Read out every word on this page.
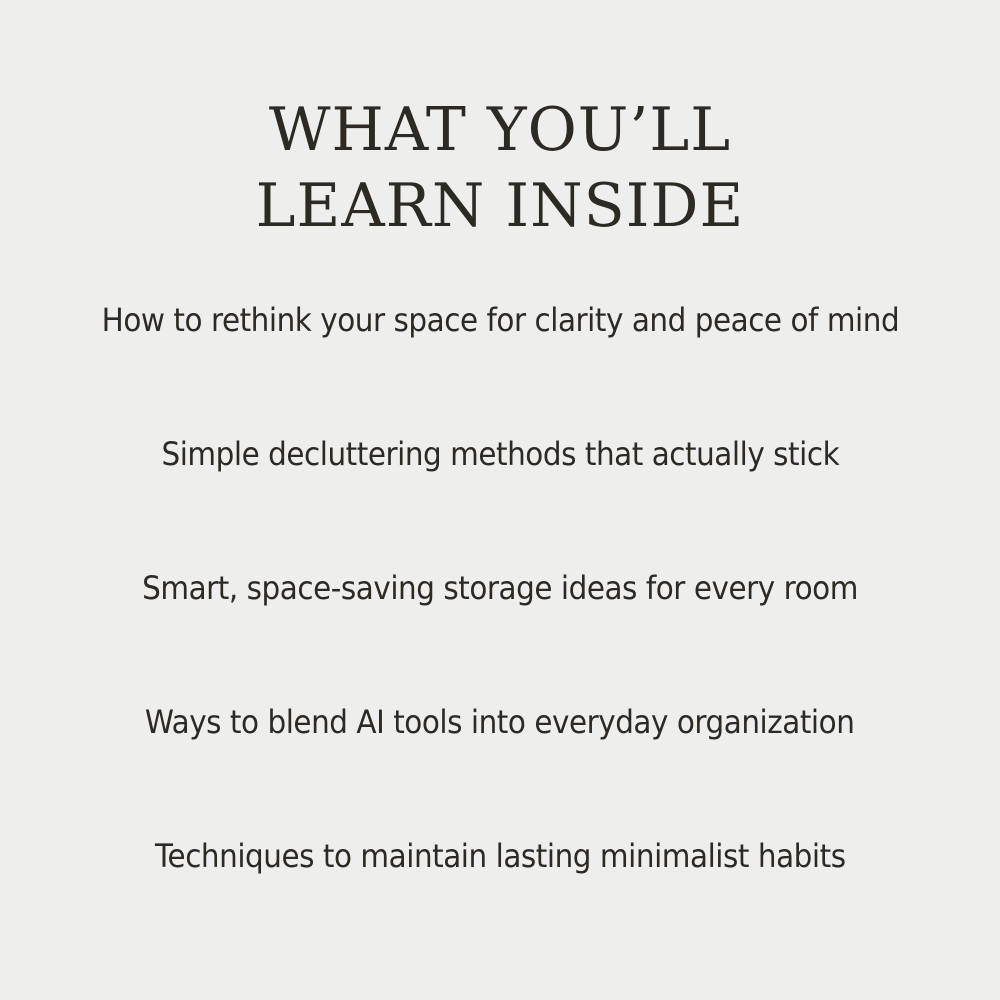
WHAT YOU’LL
LEARN INSIDE
How to rethink your space for clarity and peace of mind
Simple decluttering methods that actually stick
Smart, space-saving storage ideas for every room
Ways to blend AI tools into everyday organization
Techniques to maintain lasting minimalist habits
